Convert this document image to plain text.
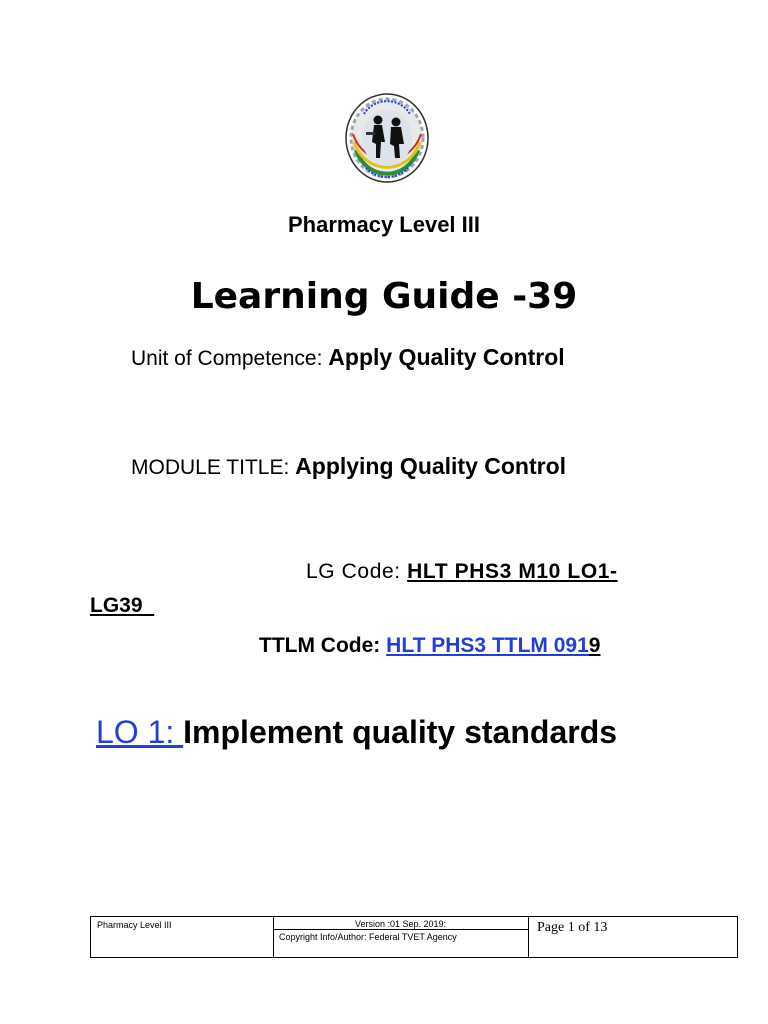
Pharmacy Level III
Learning Guide -39
Unit of Competence: Apply Quality Control
MODULE TITLE: Applying Quality Control
LG Code: HLT PHS3 M10 LO1-
LG39
TTLM Code: HLT PHS3 TTLM 0919
LO 1: Implement quality standards
Pharmacy Level III	Version :01 Sep. 2019:
Copyright Info/Author: Federal TVET Agency
Page 1 of 13
